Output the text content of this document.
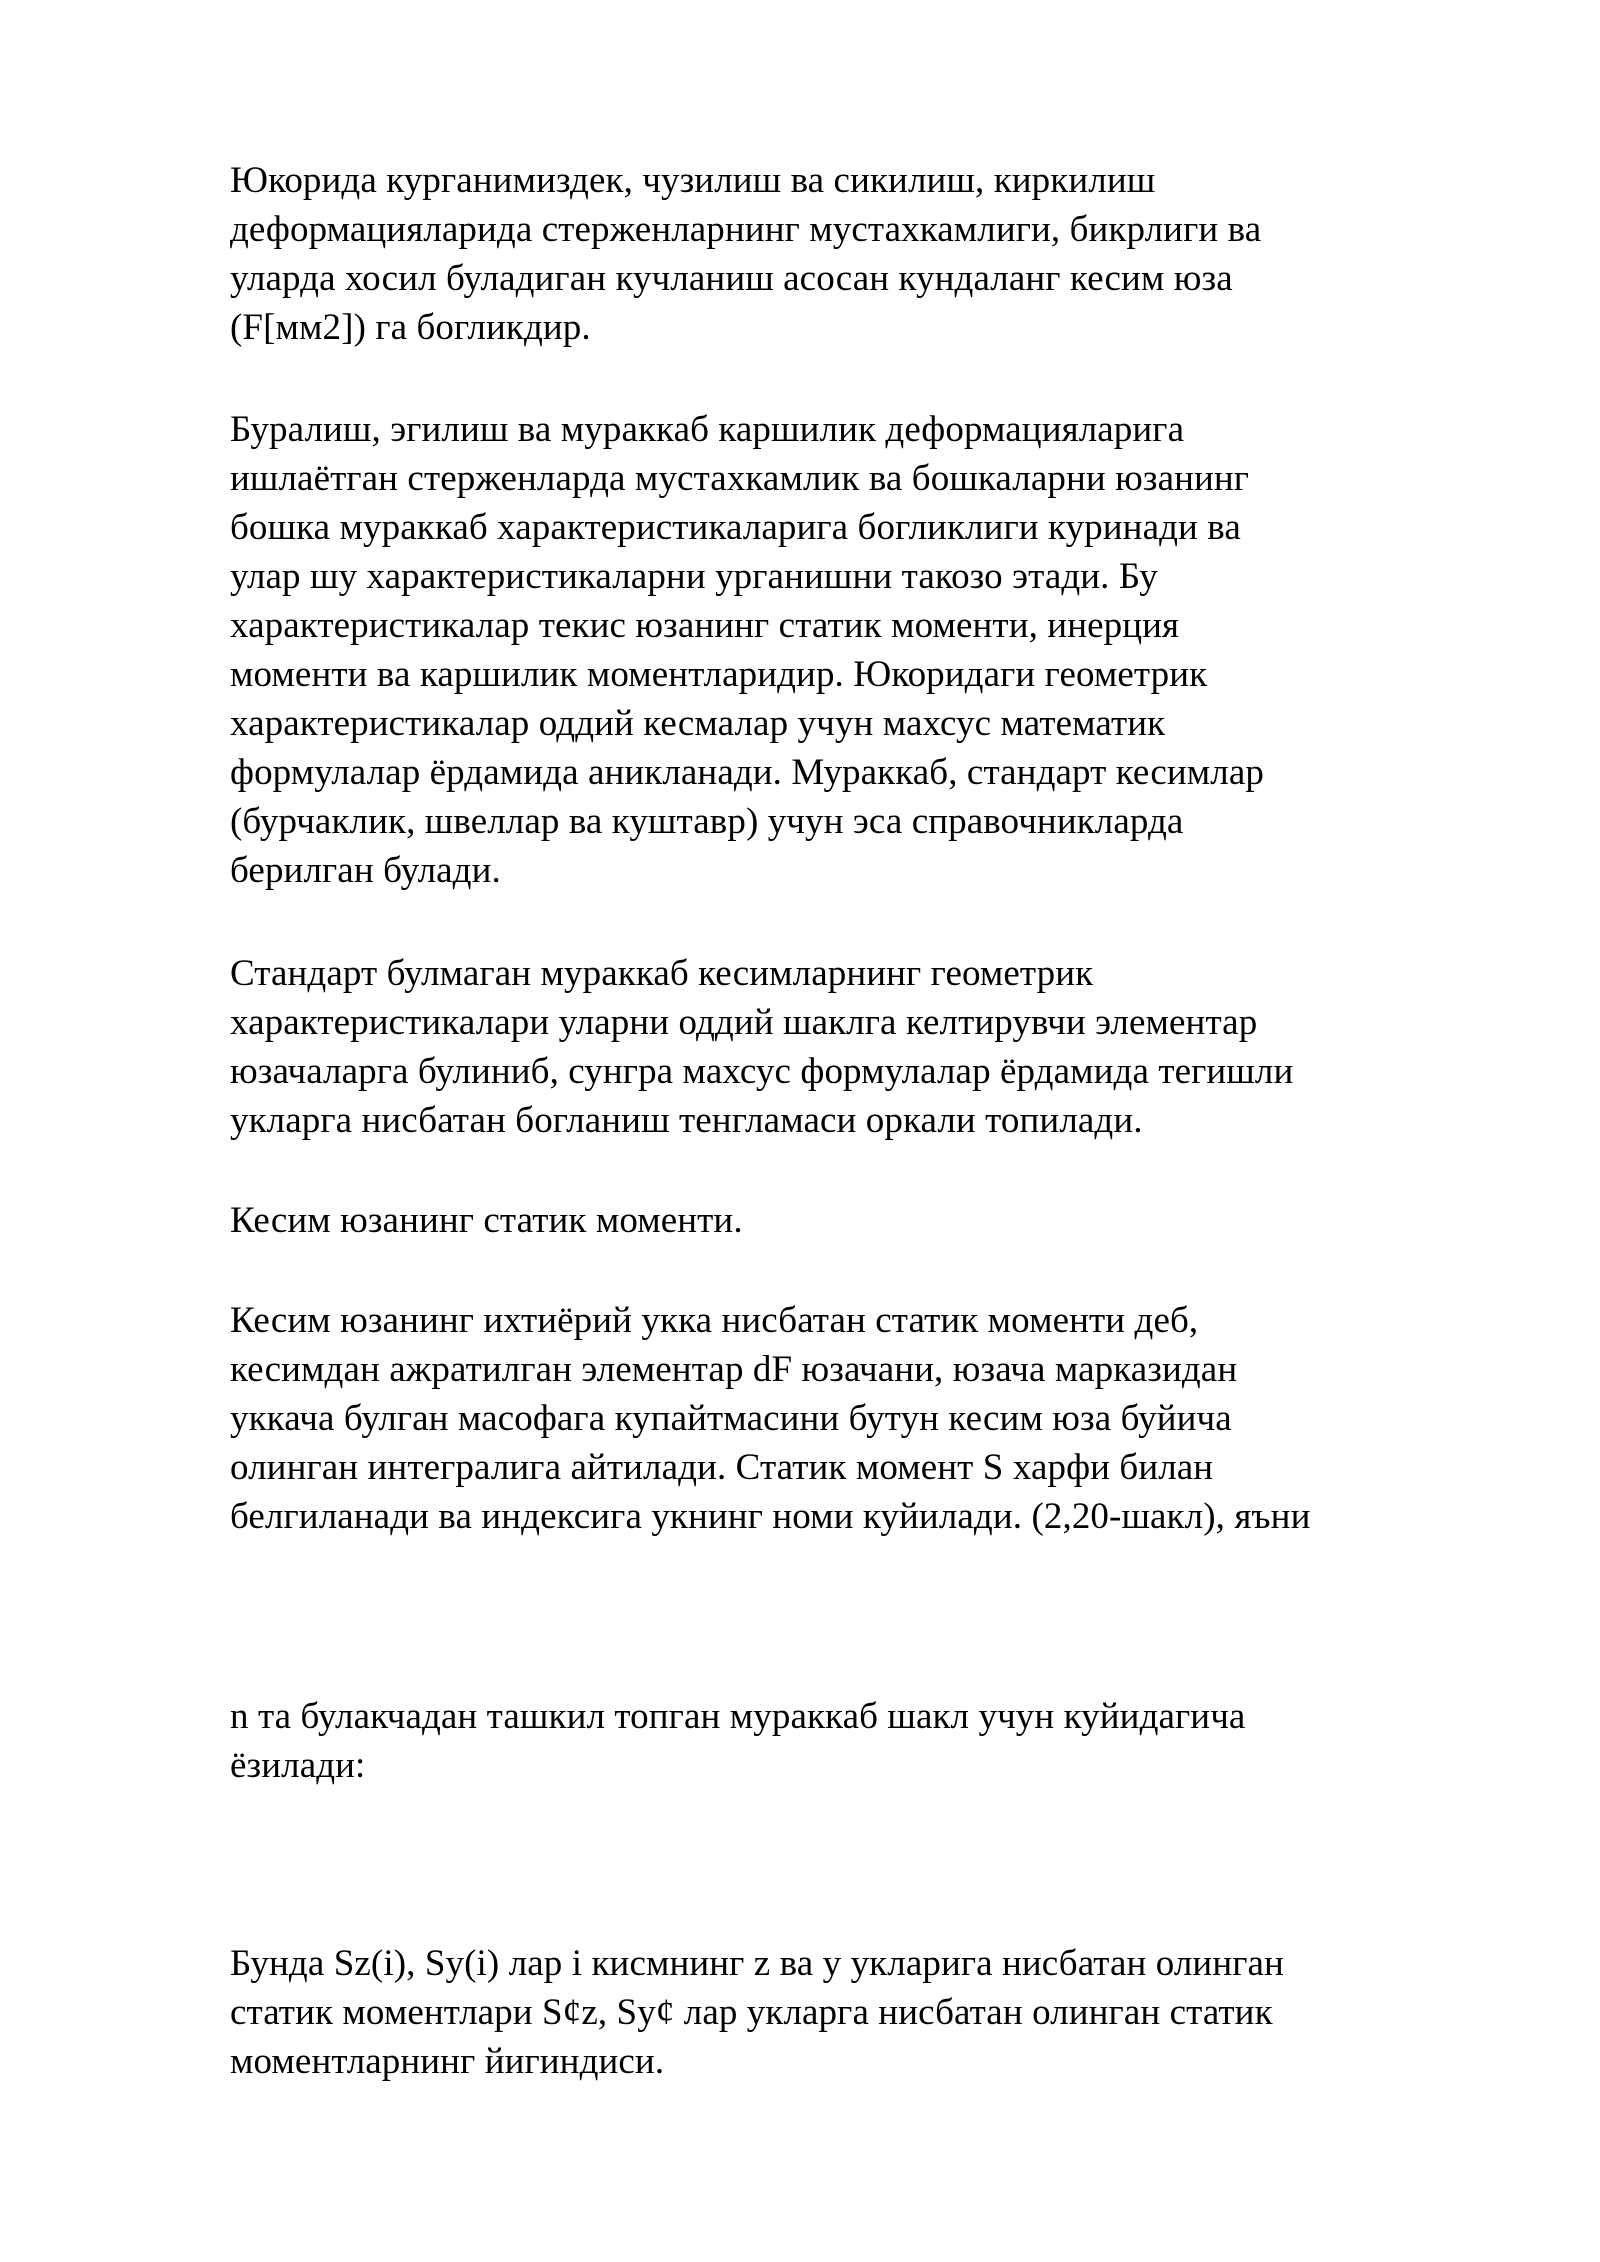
Юкорида курганимиздек, чузилиш ва сикилиш, киркилиш
деформацияларида стерженларнинг мустахкамлиги, бикрлиги ва
уларда хосил буладиган кучланиш асосан кундаланг кесим юза
(F[мм2]) га богликдир.

Буралиш, эгилиш ва мураккаб каршилик деформацияларига
ишлаётган стерженларда мустахкамлик ва бошкаларни юзанинг
бошка мураккаб характеристикаларига богликлиги куринади ва
улар шу характеристикаларни урганишни такозо этади. Бу
характеристикалар текис юзанинг статик моменти, инерция
моменти ва каршилик моментларидир. Юкоридаги геометрик
характеристикалар оддий кесмалар учун махсус математик
формулалар ёрдамида аникланади. Мураккаб, стандарт кесимлар
(бурчаклик, швеллар ва куштавр) учун эса справочникларда
берилган булади.

Стандарт булмаган мураккаб кесимларнинг геометрик
характеристикалари уларни оддий шаклга келтирувчи элементар
юзачаларга булиниб, сунгра махсус формулалар ёрдамида тегишли
укларга нисбатан богланиш тенгламаси оркали топилади.

Кесим юзанинг статик моменти.

Кесим юзанинг ихтиёрий укка нисбатан статик моменти деб,
кесимдан ажратилган элементар dF юзачани, юзача марказидан
уккача булган масофага купайтмасини бутун кесим юза буйича
олинган интегралига айтилади. Статик момент S харфи билан
белгиланади ва индексига укнинг номи куйилади. (2,20-шакл), яъни

n та булакчадан ташкил топган мураккаб шакл учун куйидагича
ёзилади:

Бунда Sz(i), Sy(i) лар i кисмнинг z ва y укларига нисбатан олинган
статик моментлари S¢z, Sy¢ лар укларга нисбатан олинган статик
моментларнинг йигиндиси.
